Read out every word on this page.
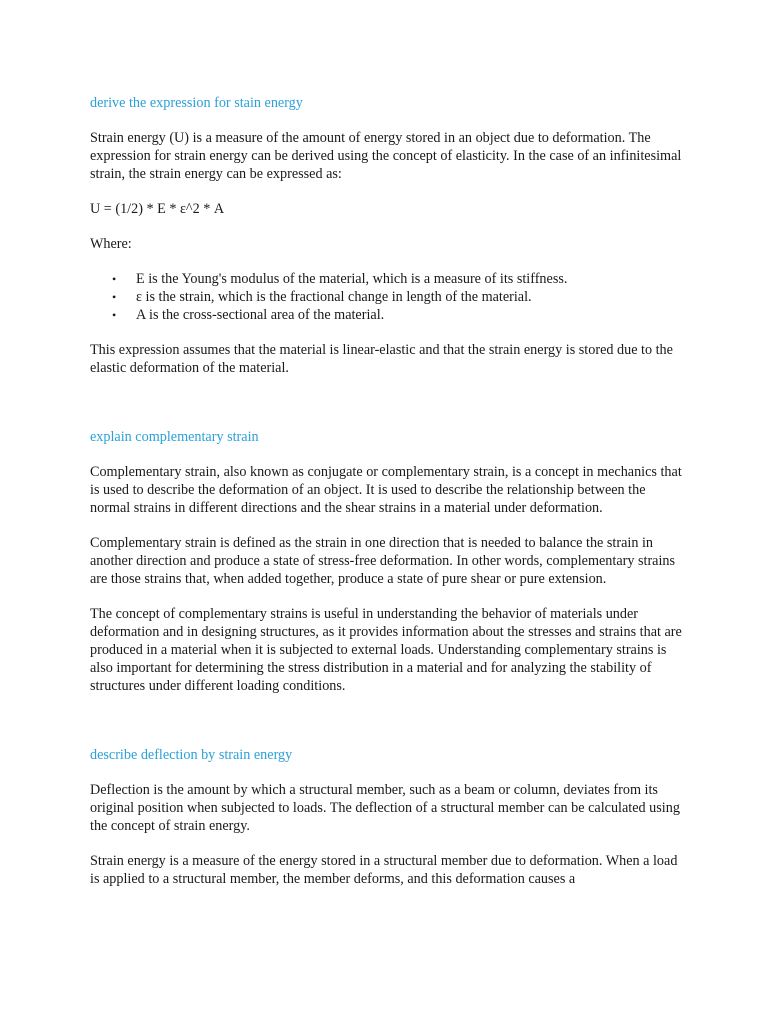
derive the expression for stain energy

Strain energy (U) is a measure of the amount of energy stored in an object due to deformation. The expression for strain energy can be derived using the concept of elasticity. In the case of an infinitesimal strain, the strain energy can be expressed as:

U = (1/2) * E * ε^2 * A

Where:

• E is the Young's modulus of the material, which is a measure of its stiffness.
• ε is the strain, which is the fractional change in length of the material.
• A is the cross-sectional area of the material.

This expression assumes that the material is linear-elastic and that the strain energy is stored due to the elastic deformation of the material.

explain complementary strain

Complementary strain, also known as conjugate or complementary strain, is a concept in mechanics that is used to describe the deformation of an object. It is used to describe the relationship between the normal strains in different directions and the shear strains in a material under deformation.

Complementary strain is defined as the strain in one direction that is needed to balance the strain in another direction and produce a state of stress-free deformation. In other words, complementary strains are those strains that, when added together, produce a state of pure shear or pure extension.

The concept of complementary strains is useful in understanding the behavior of materials under deformation and in designing structures, as it provides information about the stresses and strains that are produced in a material when it is subjected to external loads. Understanding complementary strains is also important for determining the stress distribution in a material and for analyzing the stability of structures under different loading conditions.

describe deflection by strain energy

Deflection is the amount by which a structural member, such as a beam or column, deviates from its original position when subjected to loads. The deflection of a structural member can be calculated using the concept of strain energy.

Strain energy is a measure of the energy stored in a structural member due to deformation. When a load is applied to a structural member, the member deforms, and this deformation causes a
